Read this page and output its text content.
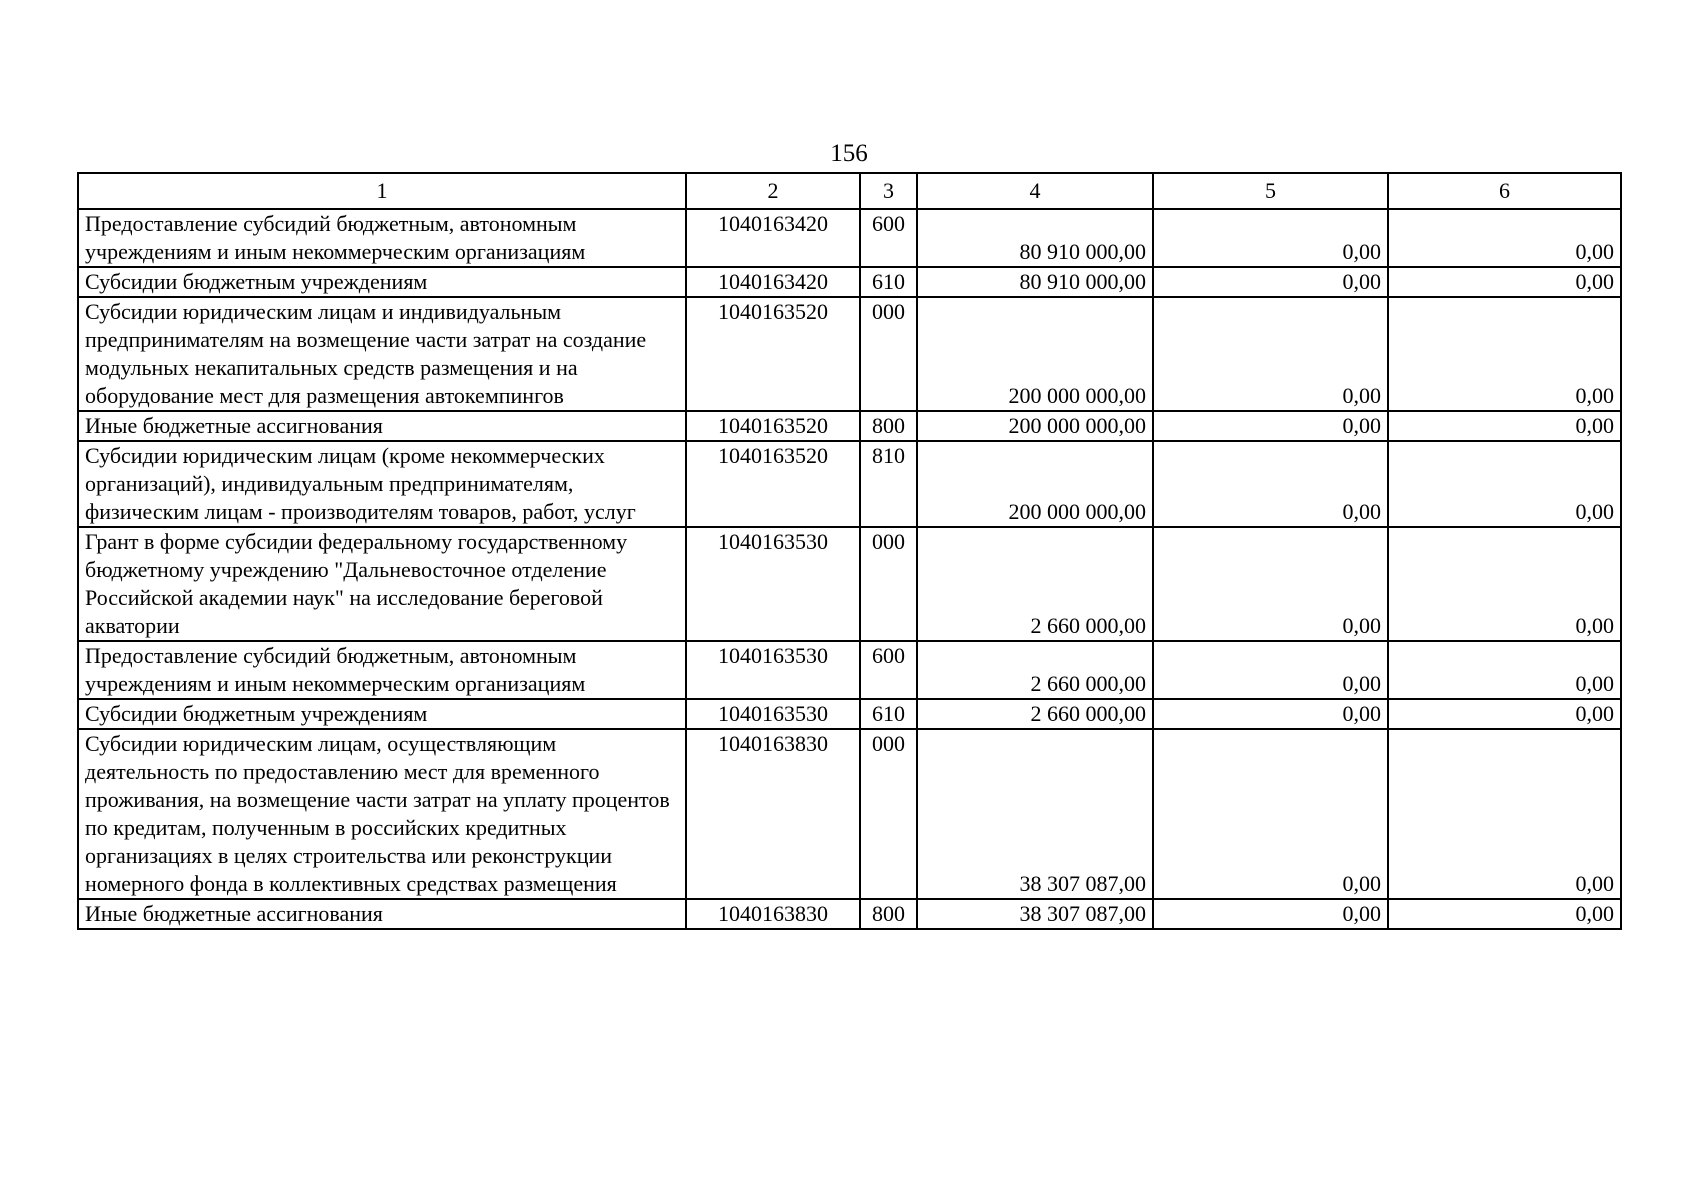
156
1	2	3	4	5	6
Предоставление субсидий бюджетным, автономным учреждениям и иным некоммерческим организациям	1040163420	600	80 910 000,00	0,00	0,00
Субсидии бюджетным учреждениям	1040163420	610	80 910 000,00	0,00	0,00
Субсидии юридическим лицам и индивидуальным предпринимателям на возмещение части затрат на создание модульных некапитальных средств размещения и на оборудование мест для размещения автокемпингов	1040163520	000	200 000 000,00	0,00	0,00
Иные бюджетные ассигнования	1040163520	800	200 000 000,00	0,00	0,00
Субсидии юридическим лицам (кроме некоммерческих организаций), индивидуальным предпринимателям, физическим лицам - производителям товаров, работ, услуг	1040163520	810	200 000 000,00	0,00	0,00
Грант в форме субсидии федеральному государственному бюджетному учреждению "Дальневосточное отделение Российской академии наук" на исследование береговой акватории	1040163530	000	2 660 000,00	0,00	0,00
Предоставление субсидий бюджетным, автономным учреждениям и иным некоммерческим организациям	1040163530	600	2 660 000,00	0,00	0,00
Субсидии бюджетным учреждениям	1040163530	610	2 660 000,00	0,00	0,00
Субсидии юридическим лицам, осуществляющим деятельность по предоставлению мест для временного проживания, на возмещение части затрат на уплату процентов по кредитам, полученным в российских кредитных организациях в целях строительства или реконструкции номерного фонда в коллективных средствах размещения	1040163830	000	38 307 087,00	0,00	0,00
Иные бюджетные ассигнования	1040163830	800	38 307 087,00	0,00	0,00
